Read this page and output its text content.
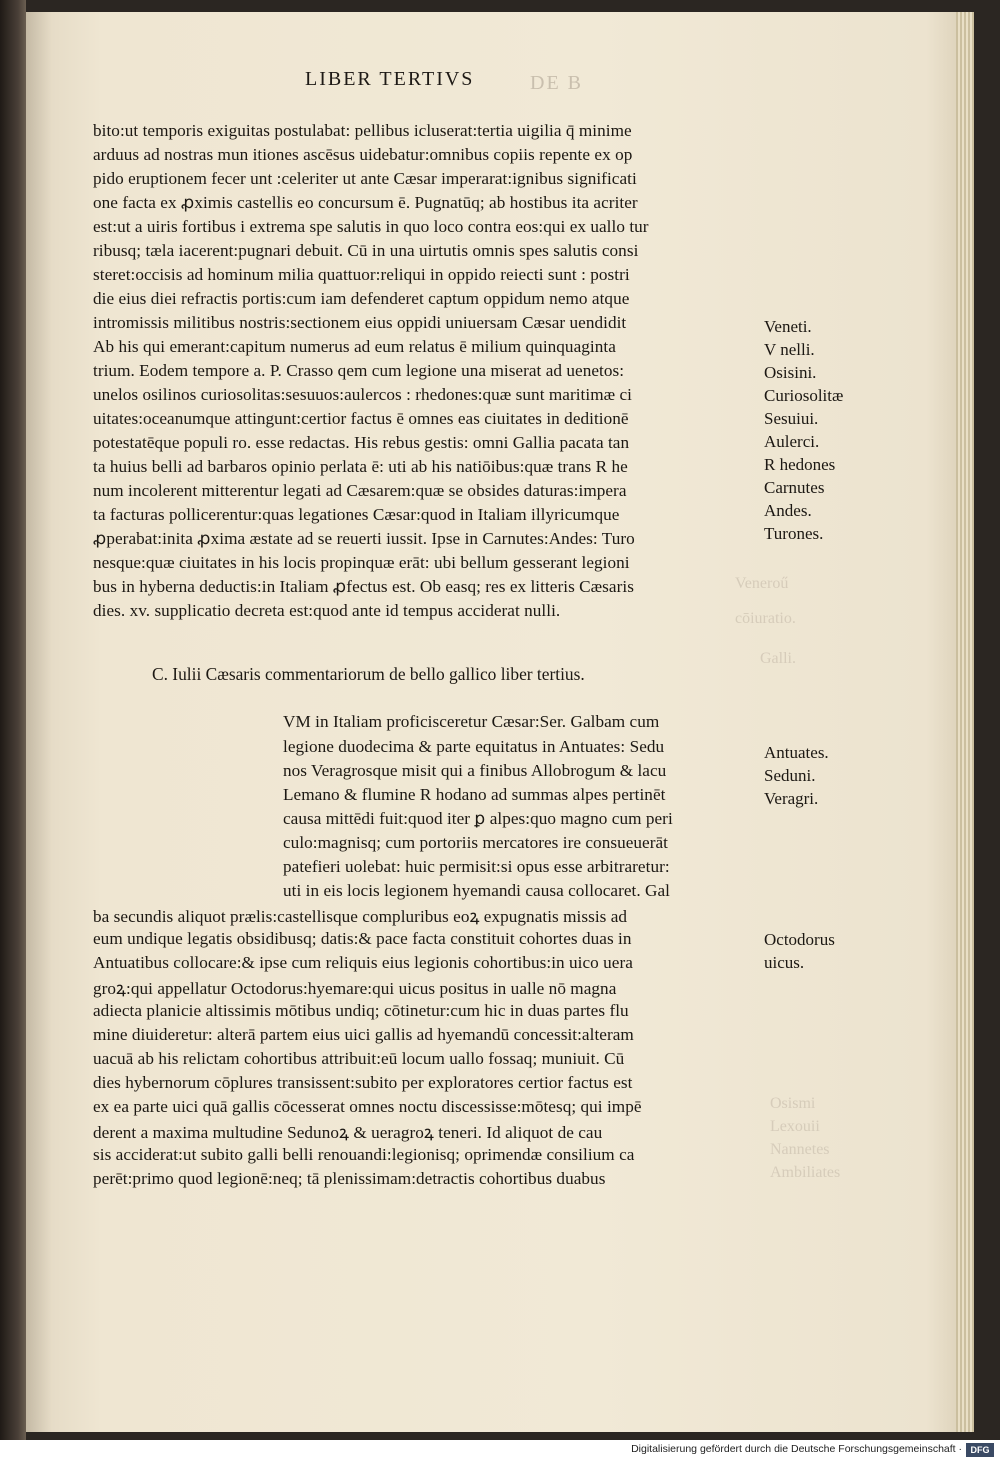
DE B
LIBER TERTIVS
Veneroű
cōiuratio.
Galli.
Osismi
Lexouii
Nannetes
Ambiliates
bito:ut temporis exiguitas postulabat: pellibus icluserat:tertia uigilia q̄ minime
arduus ad nostras mun itiones ascēsus uidebatur:omnibus copiis repente ex op
pido eruptionem fecer unt :celeriter ut ante Cæsar imperarat:ignibus significati
one facta ex ꝓximis castellis eo concursum ē. Pugnatūq; ab hostibus ita acriter
est:ut a uiris fortibus i extrema spe salutis in quo loco contra eos:qui ex uallo tur
ribusq; tæla iacerent:pugnari debuit. Cū in una uirtutis omnis spes salutis consi
steret:occisis ad hominum milia quattuor:reliqui in oppido reiecti sunt : postri
die eius diei refractis portis:cum iam defenderet captum oppidum nemo atque
intromissis militibus nostris:sectionem eius oppidi uniuersam Cæsar uendidit
Ab his qui emerant:capitum numerus ad eum relatus ē milium quinquaginta
trium. Eodem tempore a. P. Crasso qem cum legione una miserat ad uenetos:
unelos osilinos curiosolitas:sesuuos:aulercos : rhedones:quæ sunt maritimæ ci
uitates:oceanumque attingunt:certior factus ē omnes eas ciuitates in deditionē
potestatēque populi ro. esse redactas. His rebus gestis: omni Gallia pacata tan
ta huius belli ad barbaros opinio perlata ē: uti ab his natiōibus:quæ trans R he
num incolerent mitterentur legati ad Cæsarem:quæ se obsides daturas:impera
ta facturas pollicerentur:quas legationes Cæsar:quod in Italiam illyricumque
ꝓperabat:inita ꝓxima æstate ad se reuerti iussit. Ipse in Carnutes:Andes: Turo
nesque:quæ ciuitates in his locis propinquæ erāt: ubi bellum gesserant legioni
bus in hyberna deductis:in Italiam ꝓfectus est. Ob easq; res ex litteris Cæsaris
dies. xv. supplicatio decreta est:quod ante id tempus acciderat nulli.
Veneti.
V nelli.
Osisini.
Curiosolitæ
Sesuiui.
Aulerci.
R hedones
Carnutes
Andes.
Turones.
C. Iulii Cæsaris commentariorum de bello gallico liber tertius.
VM in Italiam proficisceretur Cæsar:Ser. Galbam cum
legione duodecima & parte equitatus in Antuates: Sedu
nos Veragrosque misit qui a finibus Allobrogum & lacu
Lemano & flumine R hodano ad summas alpes pertinēt
causa mittēdi fuit:quod iter ꝑ alpes:quo magno cum peri
culo:magnisq; cum portoriis mercatores ire consueuerāt
patefieri uolebat: huic permisit:si opus esse arbitraretur:
uti in eis locis legionem hyemandi causa collocaret. Gal
ba secundis aliquot prælis:castellisque compluribus eoꝝ expugnatis missis ad
eum undique legatis obsidibusq; datis:& pace facta constituit cohortes duas in
Antuatibus collocare:& ipse cum reliquis eius legionis cohortibus:in uico uera
groꝝ:qui appellatur Octodorus:hyemare:qui uicus positus in ualle nō magna
adiecta planicie altissimis mōtibus undiq; cōtinetur:cum hic in duas partes flu
mine diuideretur: alterā partem eius uici gallis ad hyemandū concessit:alteram
uacuā ab his relictam cohortibus attribuit:eū locum uallo fossaq; muniuit. Cū
dies hybernorum cōplures transissent:subito per exploratores certior factus est
ex ea parte uici quā gallis cōcesserat omnes noctu discessisse:mōtesq; qui impē
derent a maxima multudine Sedunoꝝ & ueragroꝝ teneri. Id aliquot de cau
sis acciderat:ut subito galli belli renouandi:legionisq; oprimendæ consilium ca
perēt:primo quod legionē:neq; tā plenissimam:detractis cohortibus duabus
Antuates.
Seduni.
Veragri.
Octodorus
uicus.
Digitalisierung gefördert durch die Deutsche Forschungsgemeinschaft · DFG
